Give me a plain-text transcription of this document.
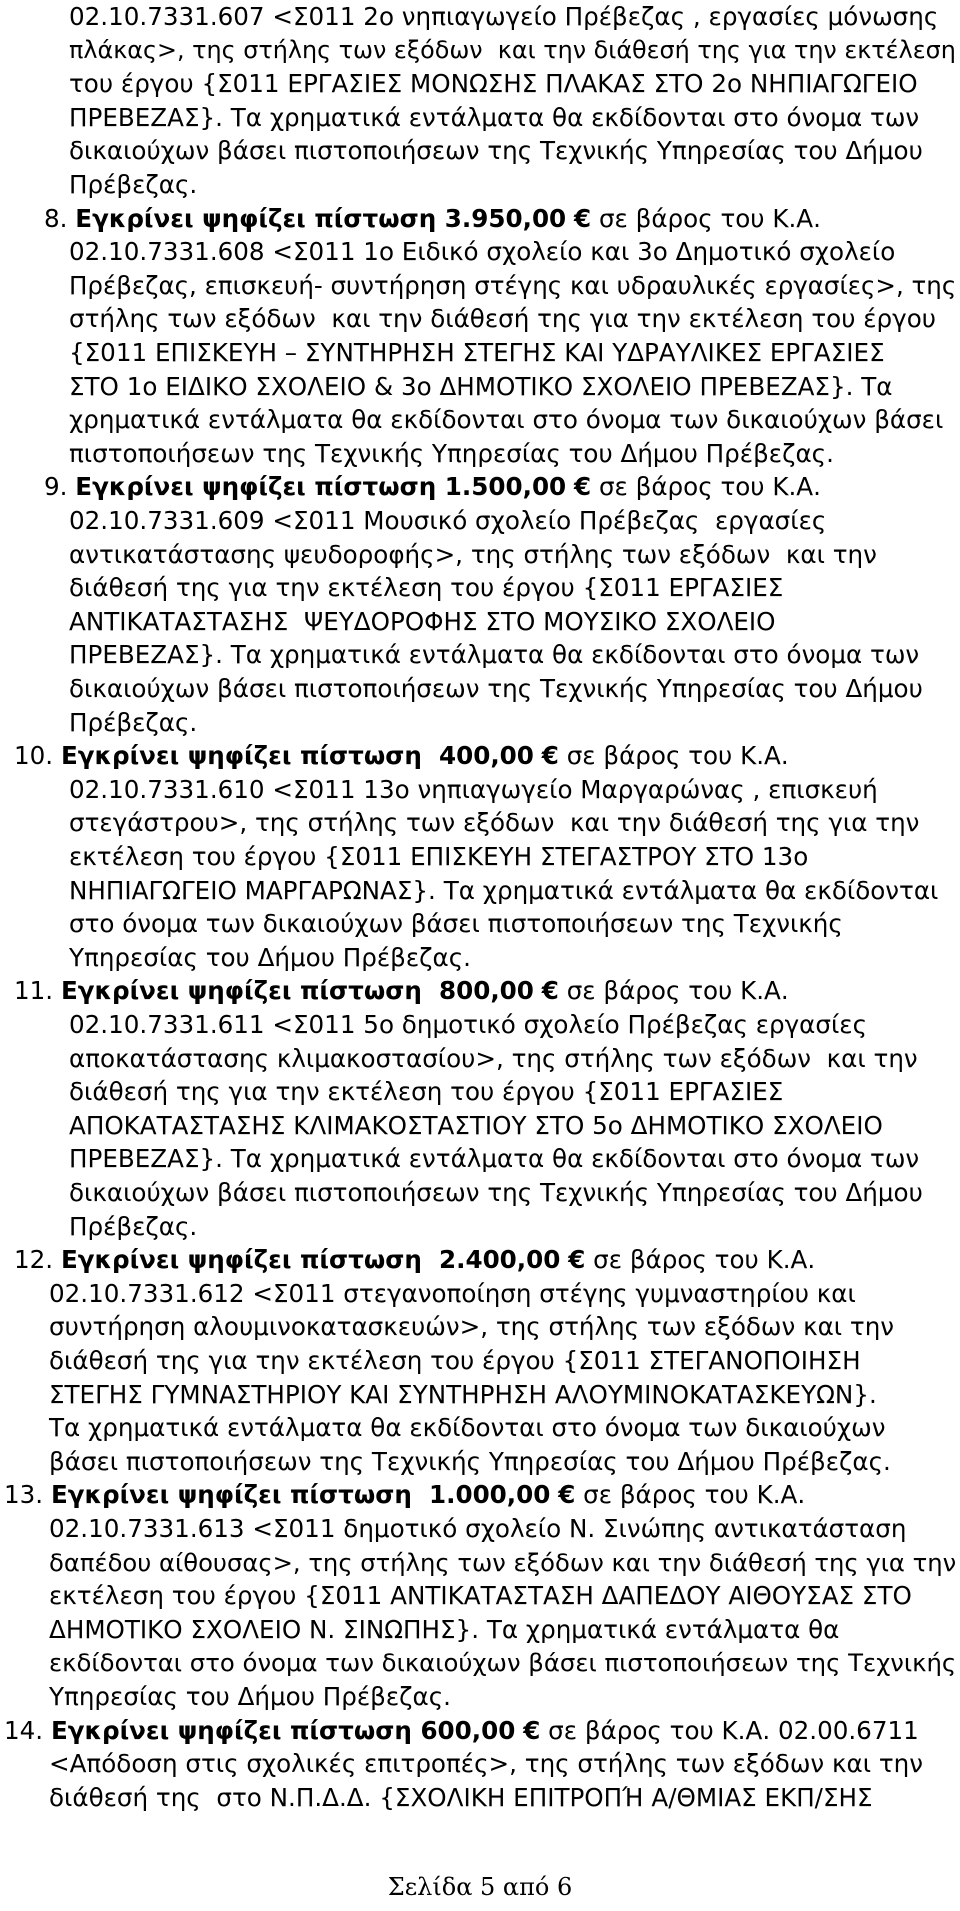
02.10.7331.607 <Σ011 2ο νηπιαγωγείο Πρέβεζας , εργασίες μόνωσης
πλάκας>, της στήλης των εξόδων  και την διάθεσή της για την εκτέλεση
του έργου {Σ011 ΕΡΓΑΣΙΕΣ ΜΟΝΩΣΗΣ ΠΛΑΚΑΣ ΣΤΟ 2ο ΝΗΠΙΑΓΩΓΕΙΟ
ΠΡΕΒΕΖΑΣ}. Τα χρηματικά εντάλματα θα εκδίδονται στο όνομα των
δικαιούχων βάσει πιστοποιήσεων της Τεχνικής Υπηρεσίας του Δήμου
Πρέβεζας.
8. Εγκρίνει ψηφίζει πίστωση 3.950,00 € σε βάρος του Κ.Α.
02.10.7331.608 <Σ011 1ο Ειδικό σχολείο και 3ο Δημοτικό σχολείο
Πρέβεζας, επισκευή- συντήρηση στέγης και υδραυλικές εργασίες>, της
στήλης των εξόδων  και την διάθεσή της για την εκτέλεση του έργου
{Σ011 ΕΠΙΣΚΕΥΗ – ΣΥΝΤΗΡΗΣΗ ΣΤΕΓΗΣ ΚΑΙ ΥΔΡΑΥΛΙΚΕΣ ΕΡΓΑΣΙΕΣ
ΣΤΟ 1ο ΕΙΔΙΚΟ ΣΧΟΛΕΙΟ & 3ο ΔΗΜΟΤΙΚΟ ΣΧΟΛΕΙΟ ΠΡΕΒΕΖΑΣ}. Τα
χρηματικά εντάλματα θα εκδίδονται στο όνομα των δικαιούχων βάσει
πιστοποιήσεων της Τεχνικής Υπηρεσίας του Δήμου Πρέβεζας.
9. Εγκρίνει ψηφίζει πίστωση 1.500,00 € σε βάρος του Κ.Α.
02.10.7331.609 <Σ011 Μουσικό σχολείο Πρέβεζας  εργασίες
αντικατάστασης ψευδοροφής>, της στήλης των εξόδων  και την
διάθεσή της για την εκτέλεση του έργου {Σ011 ΕΡΓΑΣΙΕΣ
ΑΝΤΙΚΑΤΑΣΤΑΣΗΣ  ΨΕΥΔΟΡΟΦΗΣ ΣΤΟ ΜΟΥΣΙΚΟ ΣΧΟΛΕΙΟ
ΠΡΕΒΕΖΑΣ}. Τα χρηματικά εντάλματα θα εκδίδονται στο όνομα των
δικαιούχων βάσει πιστοποιήσεων της Τεχνικής Υπηρεσίας του Δήμου
Πρέβεζας.
10. Εγκρίνει ψηφίζει πίστωση  400,00 € σε βάρος του Κ.Α.
02.10.7331.610 <Σ011 13ο νηπιαγωγείο Μαργαρώνας , επισκευή
στεγάστρου>, της στήλης των εξόδων  και την διάθεσή της για την
εκτέλεση του έργου {Σ011 ΕΠΙΣΚΕΥΗ ΣΤΕΓΑΣΤΡΟΥ ΣΤΟ 13ο
ΝΗΠΙΑΓΩΓΕΙΟ ΜΑΡΓΑΡΩΝΑΣ}. Τα χρηματικά εντάλματα θα εκδίδονται
στο όνομα των δικαιούχων βάσει πιστοποιήσεων της Τεχνικής
Υπηρεσίας του Δήμου Πρέβεζας.
11. Εγκρίνει ψηφίζει πίστωση  800,00 € σε βάρος του Κ.Α.
02.10.7331.611 <Σ011 5ο δημοτικό σχολείο Πρέβεζας εργασίες
αποκατάστασης κλιμακοστασίου>, της στήλης των εξόδων  και την
διάθεσή της για την εκτέλεση του έργου {Σ011 ΕΡΓΑΣΙΕΣ
ΑΠΟΚΑΤΑΣΤΑΣΗΣ ΚΛΙΜΑΚΟΣΤΑΣΤΙΟΥ ΣΤΟ 5ο ΔΗΜΟΤΙΚΟ ΣΧΟΛΕΙΟ
ΠΡΕΒΕΖΑΣ}. Τα χρηματικά εντάλματα θα εκδίδονται στο όνομα των
δικαιούχων βάσει πιστοποιήσεων της Τεχνικής Υπηρεσίας του Δήμου
Πρέβεζας.
12. Εγκρίνει ψηφίζει πίστωση  2.400,00 € σε βάρος του Κ.Α.
02.10.7331.612 <Σ011 στεγανοποίηση στέγης γυμναστηρίου και
συντήρηση αλουμινοκατασκευών>, της στήλης των εξόδων και την
διάθεσή της για την εκτέλεση του έργου {Σ011 ΣΤΕΓΑΝΟΠΟΙΗΣΗ
ΣΤΕΓΗΣ ΓΥΜΝΑΣΤΗΡΙΟΥ ΚΑΙ ΣΥΝΤΗΡΗΣΗ ΑΛΟΥΜΙΝΟΚΑΤΑΣΚΕΥΩΝ}.
Τα χρηματικά εντάλματα θα εκδίδονται στο όνομα των δικαιούχων
βάσει πιστοποιήσεων της Τεχνικής Υπηρεσίας του Δήμου Πρέβεζας.
13. Εγκρίνει ψηφίζει πίστωση  1.000,00 € σε βάρος του Κ.Α.
02.10.7331.613 <Σ011 δημοτικό σχολείο Ν. Σινώπης αντικατάσταση
δαπέδου αίθουσας>, της στήλης των εξόδων και την διάθεσή της για την
εκτέλεση του έργου {Σ011 ΑΝΤΙΚΑΤΑΣΤΑΣΗ ΔΑΠΕΔΟΥ ΑΙΘΟΥΣΑΣ ΣΤΟ
ΔΗΜΟΤΙΚΟ ΣΧΟΛΕΙΟ Ν. ΣΙΝΩΠΗΣ}. Τα χρηματικά εντάλματα θα
εκδίδονται στο όνομα των δικαιούχων βάσει πιστοποιήσεων της Τεχνικής
Υπηρεσίας του Δήμου Πρέβεζας.
14. Εγκρίνει ψηφίζει πίστωση 600,00 € σε βάρος του Κ.Α. 02.00.6711
<Απόδοση στις σχολικές επιτροπές>, της στήλης των εξόδων και την
διάθεσή της  στο Ν.Π.Δ.Δ. {ΣΧΟΛΙΚΗ ΕΠΙΤΡΟΠΉ Α/ΘΜΙΑΣ ΕΚΠ/ΣΗΣ
Σελίδα 5 από 6
